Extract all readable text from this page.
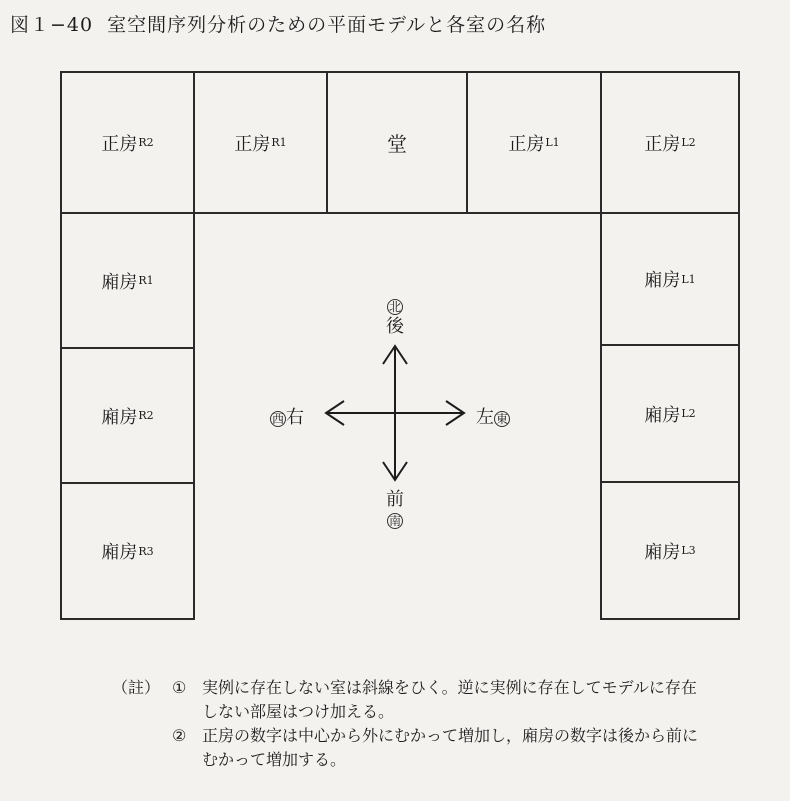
図１−40 室空間序列分析のための平面モデルと各室の名称
正房 R2	正房 R1	堂	正房 L1	正房 L2
廂房 R1
廂房 R2
廂房 R3
廂房 L1
廂房 L2
廂房 L3
北
後
前
南
西 右	左東
（註） ① 実例に存在しない室は斜線をひく。逆に実例に存在してモデルに存在しない部屋はつけ加える。
② 正房の数字は中心から外にむかって増加し，廂房の数字は後から前にむかって増加する。
